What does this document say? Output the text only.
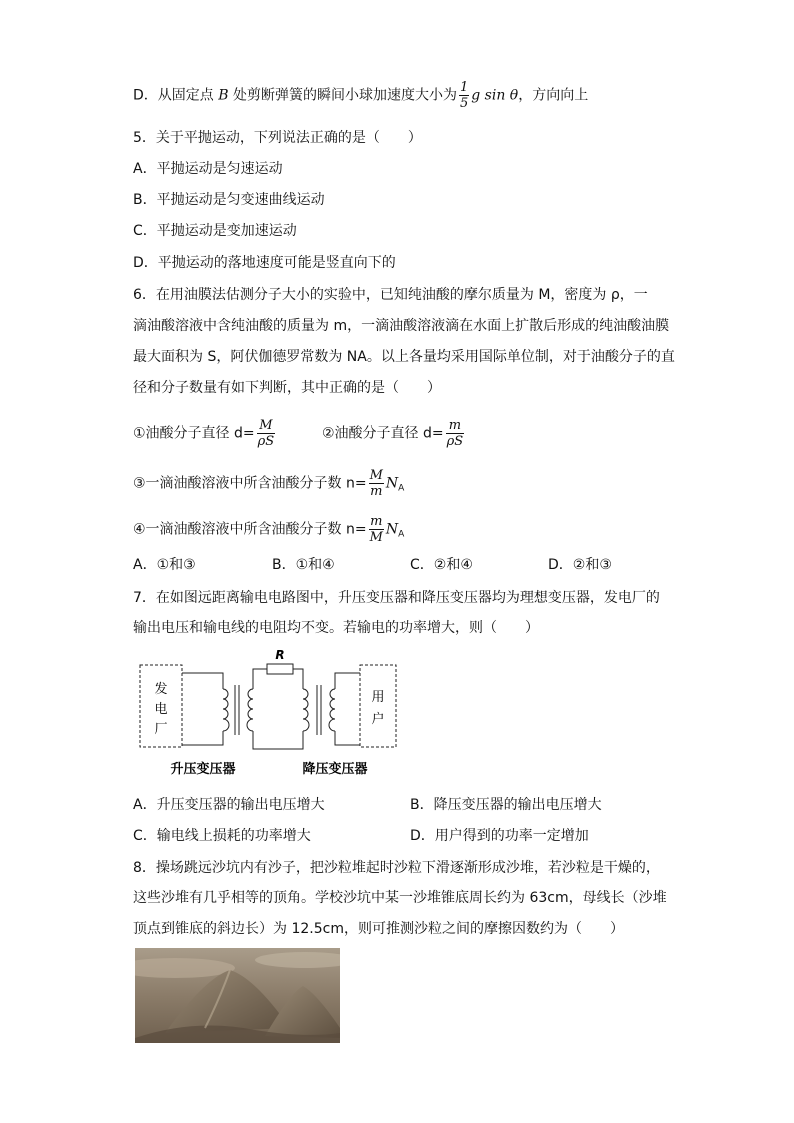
D．从固定点 B 处剪断弹簧的瞬间小球加速度大小为 $\frac{1}{5}$ g sin θ，方向向上
5．关于平抛运动，下列说法正确的是（　　）
A．平抛运动是匀速运动
B．平抛运动是匀变速曲线运动
C．平抛运动是变加速运动
D．平抛运动的落地速度可能是竖直向下的
6．在用油膜法估测分子大小的实验中，已知纯油酸的摩尔质量为 M，密度为 ρ，一
滴油酸溶液中含纯油酸的质量为 m，一滴油酸溶液滴在水面上扩散后形成的纯油酸油膜
最大面积为 S，阿伏伽德罗常数为 NA。以上各量均采用国际单位制，对于油酸分子的直
径和分子数量有如下判断，其中正确的是（　　）
①油酸分子直径 $d= \frac{M}{\rho S}$	②油酸分子直径 $d= \frac{m}{\rho S}$
③一滴油酸溶液中所含油酸分子数 $n= \frac{M}{m} N_A$
④一滴油酸溶液中所含油酸分子数 $n= \frac{m}{M} N_A$
A．①和③	B．①和④	C．②和④	D．②和③
7．在如图远距离输电电路图中，升压变压器和降压变压器均为理想变压器，发电厂的
输出电压和输电线的电阻均不变。若输电的功率增大，则（　　）
发
电
厂
R
用
户
升压变压器	降压变压器
A．升压变压器的输出电压增大	B．降压变压器的输出电压增大
C．输电线上损耗的功率增大	D．用户得到的功率一定增加
8．操场跳远沙坑内有沙子，把沙粒堆起时沙粒下滑逐渐形成沙堆，若沙粒是干燥的，
这些沙堆有几乎相等的顶角。学校沙坑中某一沙堆锥底周长约为 63cm，母线长（沙堆
顶点到锥底的斜边长）为 12.5cm，则可推测沙粒之间的摩擦因数约为（　　）
